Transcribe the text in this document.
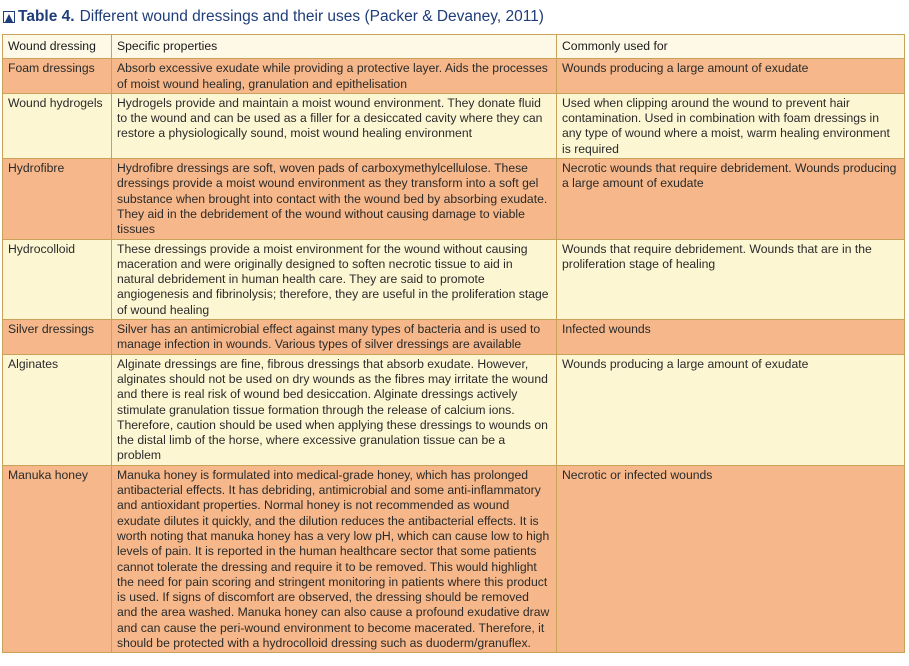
Table 4. Different wound dressings and their uses (Packer & Devaney, 2011)
Wound dressing	Specific properties	Commonly used for
Foam dressings	Absorb excessive exudate while providing a protective layer. Aids the processes of moist wound healing, granulation and epithelisation	Wounds producing a large amount of exudate
Wound hydrogels	Hydrogels provide and maintain a moist wound environment. They donate fluid to the wound and can be used as a filler for a desiccated cavity where they can restore a physiologically sound, moist wound healing environment	Used when clipping around the wound to prevent hair contamination. Used in combination with foam dressings in any type of wound where a moist, warm healing environment is required
Hydrofibre	Hydrofibre dressings are soft, woven pads of carboxymethylcellulose. These dressings provide a moist wound environment as they transform into a soft gel substance when brought into contact with the wound bed by absorbing exudate. They aid in the debridement of the wound without causing damage to viable tissues	Necrotic wounds that require debridement. Wounds producing a large amount of exudate
Hydrocolloid	These dressings provide a moist environment for the wound without causing maceration and were originally designed to soften necrotic tissue to aid in natural debridement in human health care. They are said to promote angiogenesis and fibrinolysis; therefore, they are useful in the proliferation stage of wound healing	Wounds that require debridement. Wounds that are in the proliferation stage of healing
Silver dressings	Silver has an antimicrobial effect against many types of bacteria and is used to manage infection in wounds. Various types of silver dressings are available	Infected wounds
Alginates	Alginate dressings are fine, fibrous dressings that absorb exudate. However, alginates should not be used on dry wounds as the fibres may irritate the wound and there is real risk of wound bed desiccation. Alginate dressings actively stimulate granulation tissue formation through the release of calcium ions. Therefore, caution should be used when applying these dressings to wounds on the distal limb of the horse, where excessive granulation tissue can be a problem	Wounds producing a large amount of exudate
Manuka honey	Manuka honey is formulated into medical-grade honey, which has prolonged antibacterial effects. It has debriding, antimicrobial and some anti-inflammatory and antioxidant properties. Normal honey is not recommended as wound exudate dilutes it quickly, and the dilution reduces the antibacterial effects. It is worth noting that manuka honey has a very low pH, which can cause low to high levels of pain. It is reported in the human healthcare sector that some patients cannot tolerate the dressing and require it to be removed. This would highlight the need for pain scoring and stringent monitoring in patients where this product is used. If signs of discomfort are observed, the dressing should be removed and the area washed. Manuka honey can also cause a profound exudative draw and can cause the peri-wound environment to become macerated. Therefore, it should be protected with a hydrocolloid dressing such as duoderm/granuflex.	Necrotic or infected wounds
